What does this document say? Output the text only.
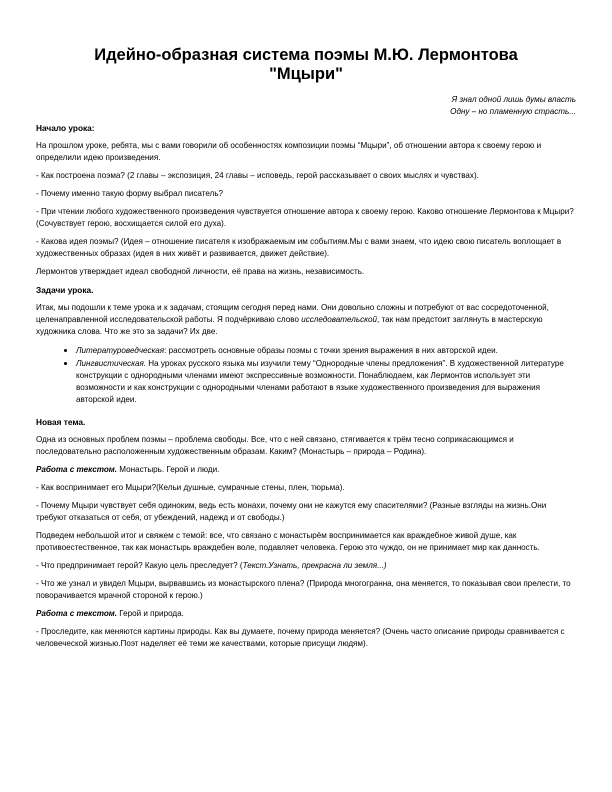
Идейно-образная система поэмы М.Ю. Лермонтова
"Мцыри"
Я знал одной лишь думы власть
Одну – но пламенную страсть...
Начало урока:

На прошлом уроке, ребята, мы с вами говорили об особенностях композиции поэмы “Мцыри”, об отношении автора к своему герою и определили идею произведения.

- Как построена поэма? (2 главы – экспозиция, 24 главы – исповедь, герой рассказывает о своих мыслях и чувствах).

- Почему именно такую форму выбрал писатель?

- При чтении любого художественного произведения чувствуется отношение автора к своему герою. Каково отношение Лермонтова к Мцыри? (Сочувствует герою, восхищается силой его духа).

- Какова идея поэмы? (Идея – отношение писателя к изображаемым им событиям.Мы с вами знаем, что идею свою писатель воплощает в художественных образах (идея в них живёт и развивается, движет действие).

Лермонтов утверждает идеал свободной личности, её права на жизнь, независимость.

Задачи урока.

Итак, мы подошли к теме урока и к задачам, стоящим сегодня перед нами. Они довольно сложны и потребуют от вас сосредоточенной, целенаправленной исследовательской работы. Я подчёркиваю слово исследовательской, так нам предстоит заглянуть в мастерскую художника слова. Что же это за задачи? Их две.

• Литературоведческая: рассмотреть основные образы поэмы с точки зрения выражения в них авторской идеи.
• Лингвистическая. На уроках русского языка мы изучили тему “Однородные члены предложения”. В художественной литературе конструкции с однородными членами имеют экспрессивные возможности. Понаблюдаем, как Лермонтов использует эти возможности и как конструкции с однородными членами работают в языке художественного произведения для выражения авторской идеи.
Новая тема.

Одна из основных проблем поэмы – проблема свободы. Все, что с ней связано, стягивается к трём тесно соприкасающимся и последовательно расположенным художественным образам. Каким? (Монастырь – природа – Родина).

Работа с текстом. Монастырь. Герой и люди.

- Как воспринимает его Мцыри?(Кельи душные, сумрачные стены, плен, тюрьма).

- Почему Мцыри чувствует себя одиноким, ведь есть монахи, почему они не кажутся ему спасителями? (Разные взгляды на жизнь.Они требуют отказаться от себя, от убеждений, надежд и от свободы.)

Подведем небольшой итог и свяжем с темой: все, что связано с монастырём воспринимается как враждебное живой душе, как противоестественное, так как монастырь враждебен воле, подавляет человека. Герою это чуждо, он не принимает мир как данность.

- Что предпринимает герой? Какую цель преследует? (Текст.Узнать, прекрасна ли земля...)

- Что же узнал и увидел Мцыри, вырвавшись из монастырского плена? (Природа многогранна, она меняется, то показывая свои прелести, то поворачивается мрачной стороной к герою.)

Работа с текстом. Герой и природа.

- Проследите, как меняются картины природы. Как вы думаете, почему природа меняется? (Очень часто описание природы сравнивается с человеческой жизнью.Поэт наделяет её теми же качествами, которые присущи людям).
